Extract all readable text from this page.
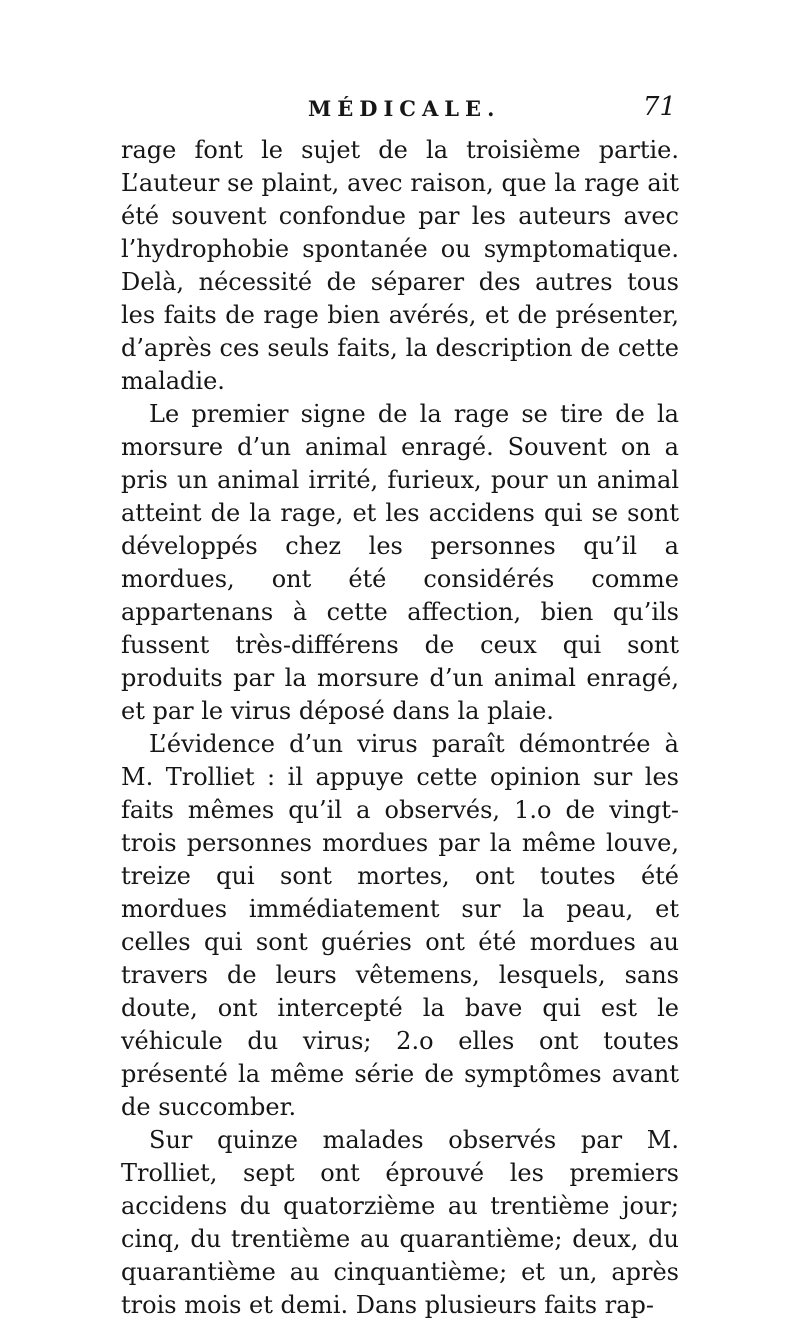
MÉDICALE.	71

rage font le sujet de la troisième partie. L’auteur se plaint, avec raison, que la rage ait été souvent confondue par les auteurs avec l’hydrophobie spontanée ou symptomatique. Delà, nécessité de séparer des autres tous les faits de rage bien avérés, et de présenter, d’après ces seuls faits, la description de cette maladie.

Le premier signe de la rage se tire de la morsure d’un animal enragé. Souvent on a pris un animal irrité, furieux, pour un animal atteint de la rage, et les accidens qui se sont développés chez les personnes qu’il a mordues, ont été considérés comme appartenans à cette affection, bien qu’ils fussent très-différens de ceux qui sont produits par la morsure d’un animal enragé, et par le virus déposé dans la plaie.

L’évidence d’un virus paraît démontrée à M. Trolliet : il appuye cette opinion sur les faits mêmes qu’il a observés, 1.o de vingt-trois personnes mordues par la même louve, treize qui sont mortes, ont toutes été mordues immédiatement sur la peau, et celles qui sont guéries ont été mordues au travers de leurs vêtemens, lesquels, sans doute, ont intercepté la bave qui est le véhicule du virus; 2.o elles ont toutes présenté la même série de symptômes avant de succomber.

Sur quinze malades observés par M. Trolliet, sept ont éprouvé les premiers accidens du quatorzième au trentième jour; cinq, du trentième au quarantième; deux, du quarantième au cinquantième; et un, après trois mois et demi. Dans plusieurs faits rap-
